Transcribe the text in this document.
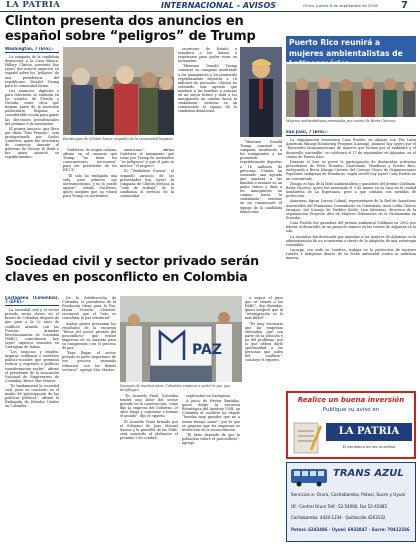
LA PATRIA	INTERNACIONAL - AVISOS	Oruro, jueves 8 de septiembre de 2016 7
Clinton presenta dos anuncios en español sobre “peligros” de Trump
Washington, 7 (EFE).-

La campaña de la candidata demócrata a la Casa Blanca, Hillary Clinton, presentó hoy (ayer) dos nuevos anuncios en español sobre los “peligros” de una presidencia del republicano Donald Trump para la comunidad latina.

Los anuncios, digitales y para televisión, se emitirán en los estados de Florida y Nevada, entre otros que forman parte de la inversión publicitaria hispana a considerable escala para ganar las elecciones presidenciales del próximo 8 de noviembre.

El primer anuncio, que lleva por título “Pais Primero”, está protagonizado por Carlos Gutiérrez, quien fue secretario de comercio durante el gobierno de George W. Bush y fue quien anunció su republicanismo.

Estrategias de Clinton busca respaldo de la comunidad hispana.

Gutiérrez, de origen cubano, afirma en el anuncio que Trump “no tiene los conocimientos necesarios” para ser presidente de los EE.UU.

“Él solo ha trabajado una vida, pero primero soy norteamericano, y no lo puedo apoyar”, señala Gutiérrez, quien asegura que no votará para Trump en noviembre.

americano”, afirma Gutiérrez el argumento que votar por Trump en noviembre “es peligroso” y que el país se merece “el respeto”.

El “Verdadera Fuerza”, el segundo anuncio de los presentados hoy (ayer), la campaña de Clinton destaca la “vida de trabajo” de la candidata al servicio de la comunidad.

secretario de Estado y senadora a los latinos a registrarse para poder votar en noviembre.

“Mientras Donald Trump comenzó su campaña insultando a los inmigrantes y ha prometido repetidamente deportar a 16 millones de personas, Clinton ha sostenido una agenda que ayudará a las familias a avanzar en un mejor futuro y dará a los inmigrantes un camino hacia la ciudadanía”, sostiene en un comunicado el equipo de la candidata demócrata.

“Mientras Donald Trump comenzó su campaña insultando a los inmigrantes y ha prometido repetidamente deportar a 16 millones de personas, Clinton ha sostenido una agenda que ayudará a las familias a avanzar en un mejor futuro y dará a los inmigrantes un camino hacia la ciudadanía”, sostiene en un comunicado el equipo de la candidata demócrata.

Puerto Rico reunirá a mujeres ambientalistas de
Mujeres ambientalistas premiadas por cuarto de Berta Cáceres.
San Juan, 7 (EFE).-

La organización ecuménica Casa Pueblo, en alianza con The Latin American Mining Monitoring Program (Lammp), anunció hoy (ayer) que el “Encuentro latinoamericano de mujeres que luchan por el ambiente y el desarrollo sostenible” se celebrará el 17 de septiembre en Adjuntas, en el centro de Puerto Rico.

Durante el foro se prevé la participación de destacadas activistas procedentes de Perú, Ecuador, Guatemala, Honduras y Puerto Rico, incluyendo a Berta Zúniga Cáceres del Consejo Cívico de Organizaciones Populares Indígenas de Honduras, según reveló hoy (ayer) Casa Pueblo en un comunicado.

Zúniga es hija de la líder ambientalista y ganadora del premio Goldman, Berta Cáceres, quien fue asesinada el 3 de marzo en su casa en la ciudad hondureña de La Esperanza, pese a que contaba con medidas de protección.

Asimismo, figura Lorena Cabnal, representante de la Red de Sanadoras Ancestrales del Feminismo Comunitario en Guatemala; Aura Lolita Chávez Ixcaquic, del Consejo de Pueblos Kiché; Lisa Sifuentes, directora de la organización Proyecto Alto de Mujeres Defensoras de la Pachamama en Ecuador.

Casa Pueblo fue ganadora del premio ambiental Goldman en 2002 por liderar el desarrollo de un proyecto minero en las tierras de Adjuntas en la isla.

La iniciativa fue destacada por impulsar a las mujeres de Adjuntas en la administración de un ecosistema a través de la adopción de una estrategia sostenible.

Lacarpy, con sede en Londres, trabaja en la protección de mujeres rurales e indígenas dentro de su lucha ambiental contra la industria minera.

Sociedad civil y sector privado serán claves en posconflicto en Colombia
Cartagena (Colombia), 7 (EFE).-

La sociedad civil y el sector privado serán claves en el futuro de Colombia después de que pase a la 52 años de conflicto armado con las Fuerzas Armadas Revolucionarias de Colombia (FARC), coincidieron hoy (ayer) expertos reunidos en Cartagena de Indias.

“Los negocios y empleo, inspirar confianza e intereses político-sociales que permitan reducir y regresen a políticas transformación reales”, afirmó el presidente de la Asociación Nacional de Empresarios de Colombia, Bruce Mac Master.

“Es fundamental la sociedad civil, pues se convierte en el medio de participación de las políticas públicas”, afirmó la Embajada de Estados Unidos en Colombia.

De la Subdirección de Colombia, la presidenta de la Fundación Ideas para la Paz, María Victoria Llorente, reconoció que el “reto es consolidar la paz territorial”.

Ambas partes presentan los resultados de la encuesta “Retos del sector privado del posconflicto”, que evaluó empresas de su mayoría para su compromiso con el proceso de paz.

“Para llegar, el sector privado es parte importante de ese proceso sumando esfuerzos con los demás sectores”, agregó Mac Master.

PAZ
Después de muchos años, Colombia empieza a sentir la paz que despliegan.

“Es Acuerdo Final, Colombia tendrá una labor del sector privado en la construcción, como dijo la empresa del Gobierno 29 años luego y comenzar a formar el mundo”, dijo el experto.

El Acuerdo Final firmado por el Gobierno de Juan Manuel Santos y la guerrilla de las FARC será sometido al plebiscito el próximo 2 de octubre.

septiembre en Cartagena.

A juicio de Héctor Bastidas, quien dirige la encuesta Estratégica del Instituto UNB, en Colombia el conflicto ha dejado “heridas muy grandes que no a tomar tiempo sanar”, por lo que se propone que las empresas se involucren en la reconciliación.

“El éxito depende de que la población valore el posconflicto”, agregó.

a seguir el paso que se vienen a las FARC”, dijo Bastidas, quien aseguró que la “reintegración es lo más difícil”.

“Es muy necesario que las empresas entiendan que son parte de la solución y no del problema, por lo que deben darle oportunidad a las personas que salen del conflicto”, concluyó el experto.

Realice un buena inversión
Publique su aviso en
LA PATRIA
El periódico de los orureños
TRANS AZUL
Servicios a: Oruro, Cochabamba, Potosí, Sucre y Uyuni
Of.: Central Oruro Telf.: 52-54006, Fax 52-45485
Cochabamba: 4420-1234 · Quillacollo 4263132
Potosí: 6243496 · Uyuni: 6932847 · Sucre: 70412336
